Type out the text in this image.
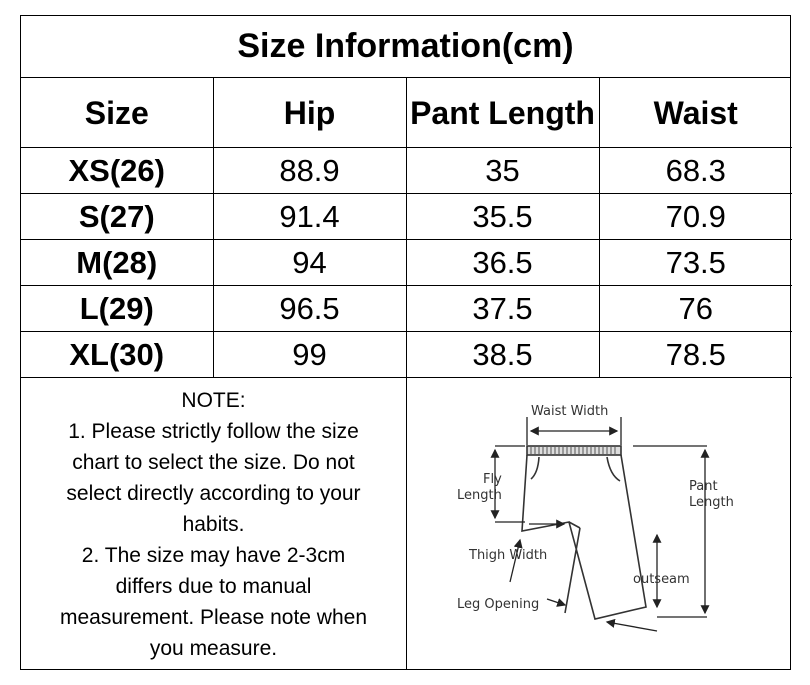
Size Information(cm)
Size	Hip	Pant Length	Waist
XS(26)	88.9	35	68.3
S(27)	91.4	35.5	70.9
M(28)	94	36.5	73.5
L(29)	96.5	37.5	76
XL(30)	99	38.5	78.5
NOTE:
1. Please strictly follow the size
chart to select the size. Do not
select directly according to your
habits.
2. The size may have 2-3cm
differs due to manual
measurement. Please note when
you measure.
Waist Width
Fly
Length
Pant
Length
Thigh Width
outseam
Leg Opening
